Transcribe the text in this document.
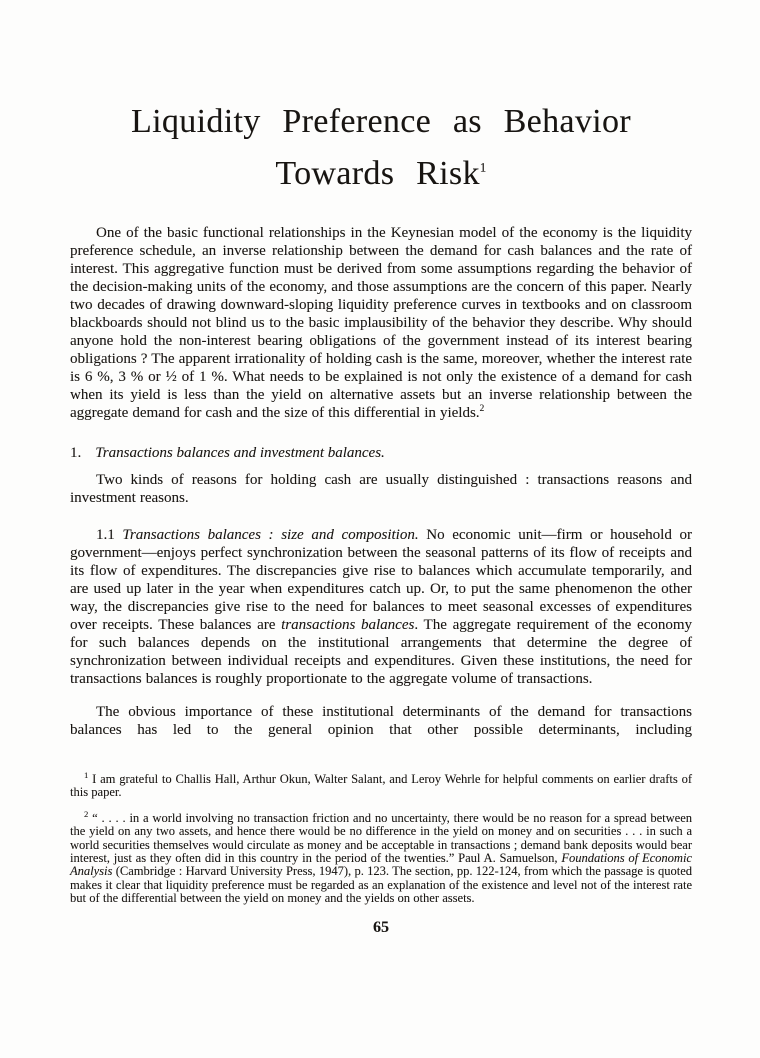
Liquidity Preference as Behavior
Towards Risk$^1$

One of the basic functional relationships in the Keynesian model of the economy is the liquidity preference schedule, an inverse relationship between the demand for cash balances and the rate of interest. This aggregative function must be derived from some assumptions regarding the behavior of the decision-making units of the economy, and those assumptions are the concern of this paper. Nearly two decades of drawing downward-sloping liquidity preference curves in textbooks and on classroom blackboards should not blind us to the basic implausibility of the behavior they describe. Why should anyone hold the non-interest bearing obligations of the government instead of its interest bearing obligations ? The apparent irrationality of holding cash is the same, moreover, whether the interest rate is 6 %, 3 % or ½ of 1 %. What needs to be explained is not only the existence of a demand for cash when its yield is less than the yield on alternative assets but an inverse relationship between the aggregate demand for cash and the size of this differential in yields.$^2$

1. Transactions balances and investment balances.

Two kinds of reasons for holding cash are usually distinguished : transactions reasons and investment reasons.

1.1 Transactions balances : size and composition. No economic unit—firm or household or government—enjoys perfect synchronization between the seasonal patterns of its flow of receipts and its flow of expenditures. The discrepancies give rise to balances which accumulate temporarily, and are used up later in the year when expenditures catch up. Or, to put the same phenomenon the other way, the discrepancies give rise to the need for balances to meet seasonal excesses of expenditures over receipts. These balances are transactions balances. The aggregate requirement of the economy for such balances depends on the institutional arrangements that determine the degree of synchronization between individual receipts and expenditures. Given these institutions, the need for transactions balances is roughly proportionate to the aggregate volume of transactions.

The obvious importance of these institutional determinants of the demand for transactions balances has led to the general opinion that other possible determinants, including

$^1$ I am grateful to Challis Hall, Arthur Okun, Walter Salant, and Leroy Wehrle for helpful comments on earlier drafts of this paper.

$^2$ “ . . . . in a world involving no transaction friction and no uncertainty, there would be no reason for a spread between the yield on any two assets, and hence there would be no difference in the yield on money and on securities . . . in such a world securities themselves would circulate as money and be acceptable in transactions ; demand bank deposits would bear interest, just as they often did in this country in the period of the twenties.” Paul A. Samuelson, Foundations of Economic Analysis (Cambridge : Harvard University Press, 1947), p. 123. The section, pp. 122-124, from which the passage is quoted makes it clear that liquidity preference must be regarded as an explanation of the existence and level not of the interest rate but of the differential between the yield on money and the yields on other assets.

65
